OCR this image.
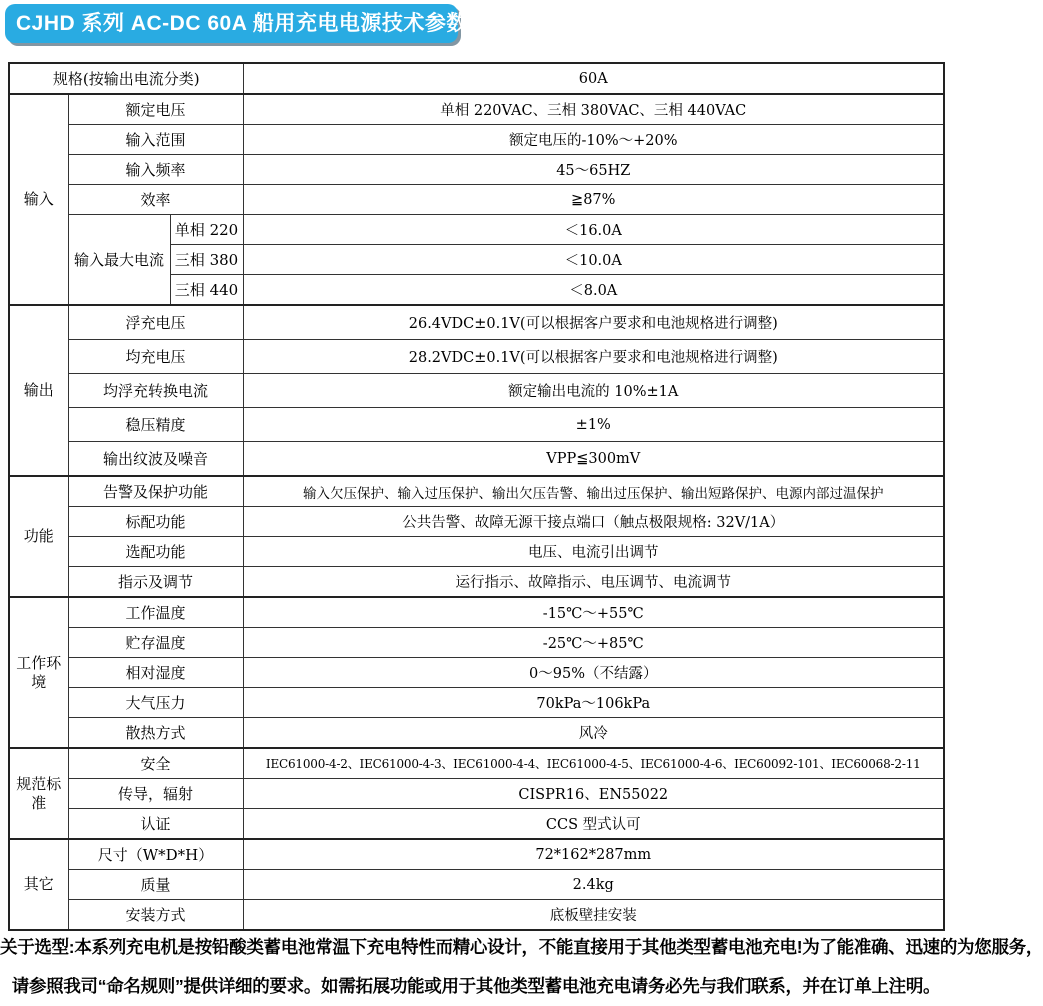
CJHD 系列 AC-DC 60A 船用充电电源技术参数
规格(按输出电流分类)			60A
输入	额定电压		单相 220VAC、三相 380VAC、三相 440VAC
	输入范围		额定电压的-10%～+20%
	输入频率		45～65HZ
	效率		≧87%
	输入最大电流	单相 220	＜16.0A
		三相 380	＜10.0A
		三相 440	＜8.0A
输出	浮充电压		26.4VDC±0.1V(可以根据客户要求和电池规格进行调整)
	均充电压		28.2VDC±0.1V(可以根据客户要求和电池规格进行调整)
	均浮充转换电流		额定输出电流的 10%±1A
	稳压精度		±1%
	输出纹波及噪音		VPP≦300mV
功能	告警及保护功能		输入欠压保护、输入过压保护、输出欠压告警、输出过压保护、输出短路保护、电源内部过温保护
	标配功能		公共告警、故障无源干接点端口（触点极限规格: 32V/1A）
	选配功能		电压、电流引出调节
	指示及调节		运行指示、故障指示、电压调节、电流调节
工作环境	工作温度		-15℃～+55℃
	贮存温度		-25℃～+85℃
	相对湿度		0～95%（不结露）
	大气压力		70kPa～106kPa
	散热方式		风冷
规范标准	安全		IEC61000-4-2、IEC61000-4-3、IEC61000-4-4、IEC61000-4-5、IEC61000-4-6、IEC60092-101、IEC60068-2-11
	传导，辐射		CISPR16、EN55022
	认证		CCS 型式认可
其它	尺寸（W*D*H）		72*162*287mm
	质量		2.4kg
	安装方式		底板壁挂安装
关于选型:本系列充电机是按铅酸类蓄电池常温下充电特性而精心设计，不能直接用于其他类型蓄电池充电!为了能准确、迅速的为您服务，
请参照我司“命名规则”提供详细的要求。如需拓展功能或用于其他类型蓄电池充电请务必先与我们联系，并在订单上注明。
